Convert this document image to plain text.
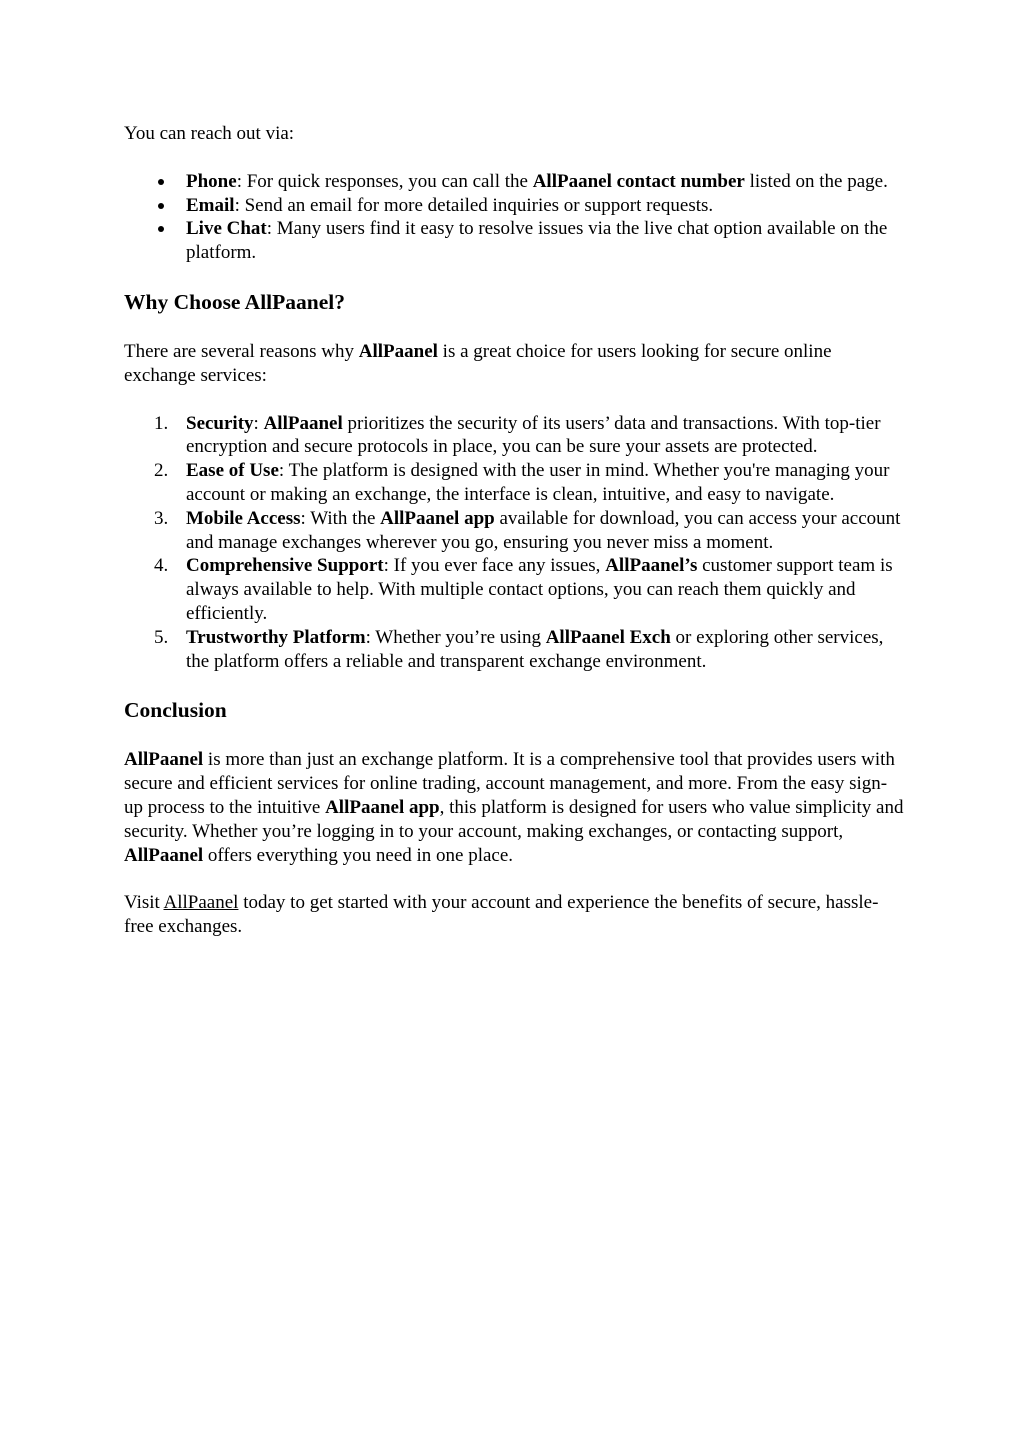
You can reach out via:

Phone: For quick responses, you can call the AllPaanel contact number listed on the page.
Email: Send an email for more detailed inquiries or support requests.
Live Chat: Many users find it easy to resolve issues via the live chat option available on the platform.
Why Choose AllPaanel?

There are several reasons why AllPaanel is a great choice for users looking for secure online exchange services:

1. Security: AllPaanel prioritizes the security of its users’ data and transactions. With top-tier encryption and secure protocols in place, you can be sure your assets are protected.
2. Ease of Use: The platform is designed with the user in mind. Whether you're managing your account or making an exchange, the interface is clean, intuitive, and easy to navigate.
3. Mobile Access: With the AllPaanel app available for download, you can access your account and manage exchanges wherever you go, ensuring you never miss a moment.
4. Comprehensive Support: If you ever face any issues, AllPaanel’s customer support team is always available to help. With multiple contact options, you can reach them quickly and efficiently.
5. Trustworthy Platform: Whether you’re using AllPaanel Exch or exploring other services, the platform offers a reliable and transparent exchange environment.
Conclusion

AllPaanel is more than just an exchange platform. It is a comprehensive tool that provides users with secure and efficient services for online trading, account management, and more. From the easy sign-up process to the intuitive AllPaanel app, this platform is designed for users who value simplicity and security. Whether you’re logging in to your account, making exchanges, or contacting support, AllPaanel offers everything you need in one place.

Visit AllPaanel today to get started with your account and experience the benefits of secure, hassle-free exchanges.
